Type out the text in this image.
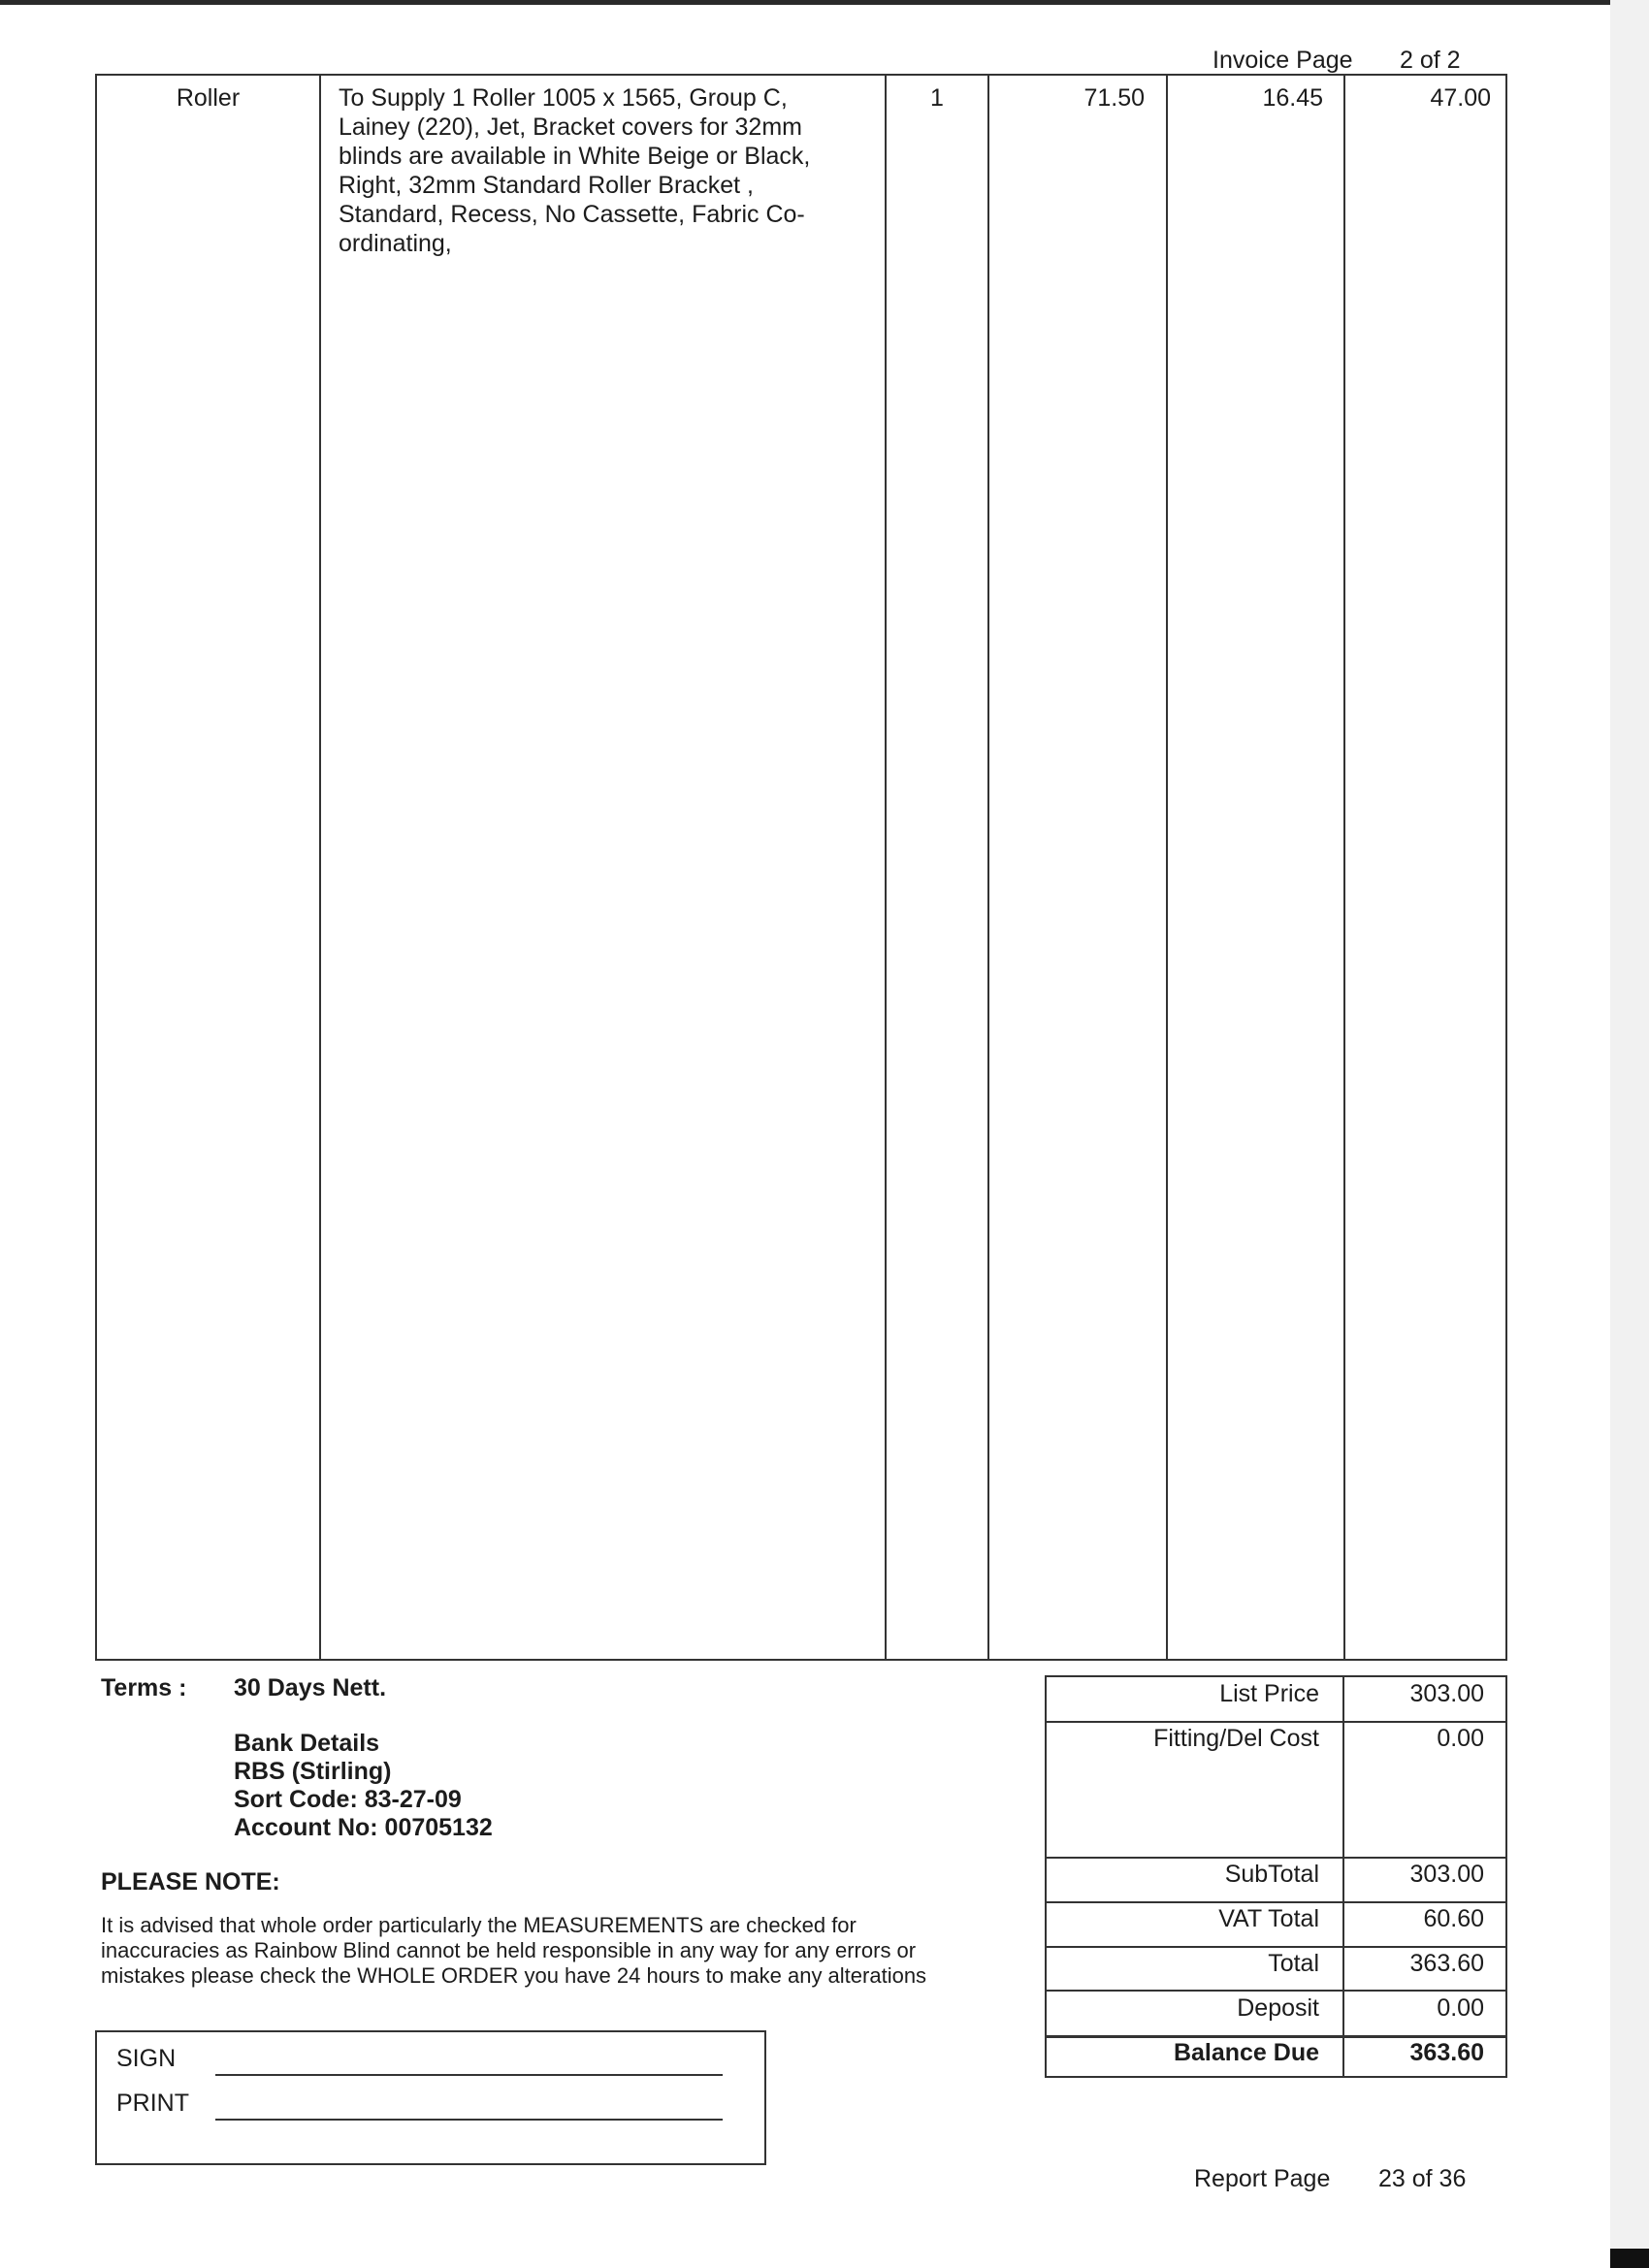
Invoice Page 2 of 2
Roller	To Supply 1 Roller 1005 x 1565, Group C,
Lainey (220), Jet, Bracket covers for 32mm
blinds are available in White Beige or Black,
Right, 32mm Standard Roller Bracket ,
Standard, Recess, No Cassette, Fabric Co-
ordinating,
1	71.50	16.45	47.00
Terms : 30 Days Nett.
Bank Details
RBS (Stirling)
Sort Code: 83-27-09
Account No: 00705132
PLEASE NOTE:
It is advised that whole order particularly the MEASUREMENTS are checked for
inaccuracies as Rainbow Blind cannot be held responsible in any way for any errors or
mistakes please check the WHOLE ORDER you have 24 hours to make any alterations
List Price	303.00
Fitting/Del Cost	0.00
SubTotal	303.00
VAT Total	60.60
Total	363.60
Deposit	0.00
Balance Due	363.60
SIGN
PRINT
Report Page 23 of 36
